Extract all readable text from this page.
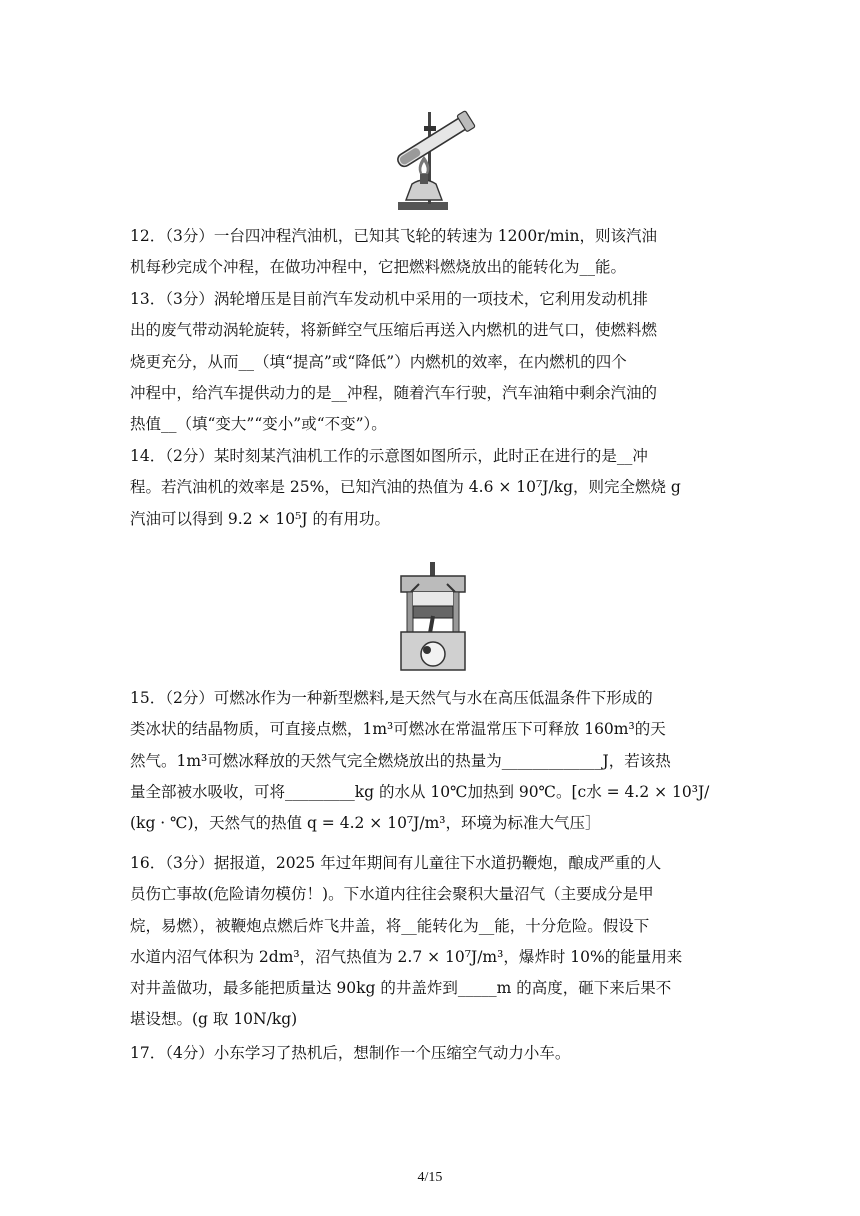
12．（3分）一台四冲程汽油机，已知其飞轮的转速为 1200r/min，则该汽油

机每秒完成个冲程，在做功冲程中，它把燃料燃烧放出的能转化为__能。

13．（3分）涡轮增压是目前汽车发动机中采用的一项技术，它利用发动机排

出的废气带动涡轮旋转，将新鲜空气压缩后再送入内燃机的进气口，使燃料燃

烧更充分，从而__（填“提高”或“降低”）内燃机的效率，在内燃机的四个

冲程中，给汽车提供动力的是__冲程，随着汽车行驶，汽车油箱中剩余汽油的

热值__（填“变大”“变小”或“不变”）。

14．（2分）某时刻某汽油机工作的示意图如图所示，此时正在进行的是__冲

程。若汽油机的效率是 25%，已知汽油的热值为 4.6 × 10⁷J/kg，则完全燃烧 g

汽油可以得到 9.2 × 10⁵J 的有用功。

15．（2分）可燃冰作为一种新型燃料,是天然气与水在高压低温条件下形成的

类冰状的结晶物质，可直接点燃，1m³可燃冰在常温常压下可释放 160m³的天

然气。1m³可燃冰释放的天然气完全燃烧放出的热量为_____________J，若该热

量全部被水吸收，可将_________kg 的水从 10℃加热到 90℃。[c水 = 4.2 × 10³J/

(kg · ℃)，天然气的热值 q = 4.2 × 10⁷J/m³，环境为标准大气压］

16．（3分）据报道，2025 年过年期间有儿童往下水道扔鞭炮，酿成严重的人

员伤亡事故(危险请勿模仿！)。下水道内往往会聚积大量沼气（主要成分是甲

烷，易燃），被鞭炮点燃后炸飞井盖，将__能转化为__能，十分危险。假设下

水道内沼气体积为 2dm³，沼气热值为 2.7 × 10⁷J/m³，爆炸时 10%的能量用来

对井盖做功，最多能把质量达 90kg 的井盖炸到_____m 的高度，砸下来后果不

堪设想。(g 取 10N/kg)

17．（4分）小东学习了热机后，想制作一个压缩空气动力小车。

4/15
